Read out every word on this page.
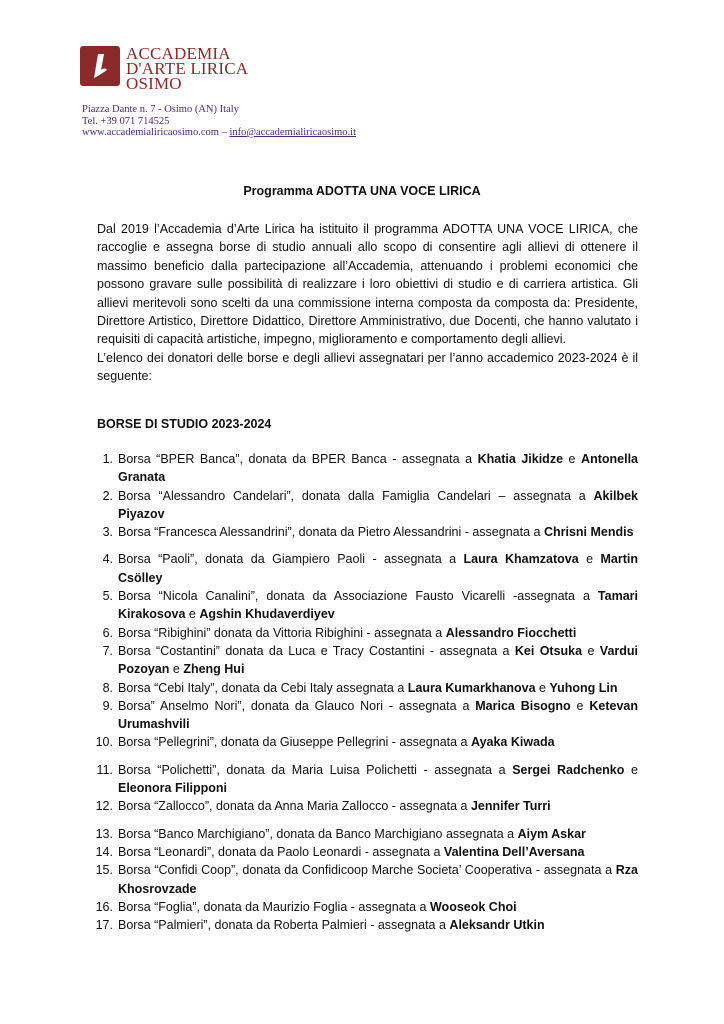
ACCADEMIA
D'ARTE LIRICA
OSIMO
Piazza Dante n. 7 - Osimo (AN) Italy
Tel. +39 071 714525
www.accademialiricaosimo.com – info@accademialiricaosimo.it
Programma ADOTTA UNA VOCE LIRICA

Dal 2019 l’Accademia d’Arte Lirica ha istituito il programma ADOTTA UNA VOCE LIRICA, che raccoglie e assegna borse di studio annuali allo scopo di consentire agli allievi di ottenere il massimo beneficio dalla partecipazione all’Accademia, attenuando i problemi economici che possono gravare sulle possibilità di realizzare i loro obiettivi di studio e di carriera artistica. Gli allievi meritevoli sono scelti da una commissione interna composta da composta da: Presidente, Direttore Artistico, Direttore Didattico, Direttore Amministrativo, due Docenti, che hanno valutato i requisiti di capacità artistiche, impegno, miglioramento e comportamento degli allievi.

L’elenco dei donatori delle borse e degli allievi assegnatari per l’anno accademico 2023-2024 è il seguente:

BORSE DI STUDIO 2023-2024
1. Borsa “BPER Banca”, donata da BPER Banca - assegnata a Khatia Jikidze e Antonella Granata
2. Borsa “Alessandro Candelari”, donata dalla Famiglia Candelari – assegnata a Akilbek Piyazov
3. Borsa “Francesca Alessandrini”, donata da Pietro Alessandrini - assegnata a Chrisni Mendis
4. Borsa “Paoli”, donata da Giampiero Paoli - assegnata a Laura Khamzatova e Martin Csölley
5. Borsa “Nicola Canalini”, donata da Associazione Fausto Vicarelli -assegnata a Tamari Kirakosova e Agshin Khudaverdiyev
6. Borsa “Ribighini” donata da Vittoria Ribighini - assegnata a Alessandro Fiocchetti
7. Borsa “Costantini” donata da Luca e Tracy Costantini - assegnata a Kei Otsuka e Vardui Pozoyan e Zheng Hui
8. Borsa “Cebi Italy”, donata da Cebi Italy assegnata a Laura Kumarkhanova e Yuhong Lin
9. Borsa” Anselmo Nori”, donata da Glauco Nori - assegnata a Marica Bisogno e Ketevan Urumashvili
10. Borsa “Pellegrini”, donata da Giuseppe Pellegrini - assegnata a Ayaka Kiwada
11. Borsa “Polichetti”, donata da Maria Luisa Polichetti - assegnata a Sergei Radchenko e Eleonora Filipponi
12. Borsa “Zallocco”, donata da Anna Maria Zallocco - assegnata a Jennifer Turri
13. Borsa “Banco Marchigiano”, donata da Banco Marchigiano assegnata a Aiym Askar
14. Borsa “Leonardi”, donata da Paolo Leonardi - assegnata a Valentina Dell’Aversana
15. Borsa “Confidi Coop”, donata da Confidicoop Marche Societa’ Cooperativa - assegnata a Rza Khosrovzade
16. Borsa “Foglia”, donata da Maurizio Foglia - assegnata a Wooseok Choi
17. Borsa “Palmieri”, donata da Roberta Palmieri - assegnata a Aleksandr Utkin
